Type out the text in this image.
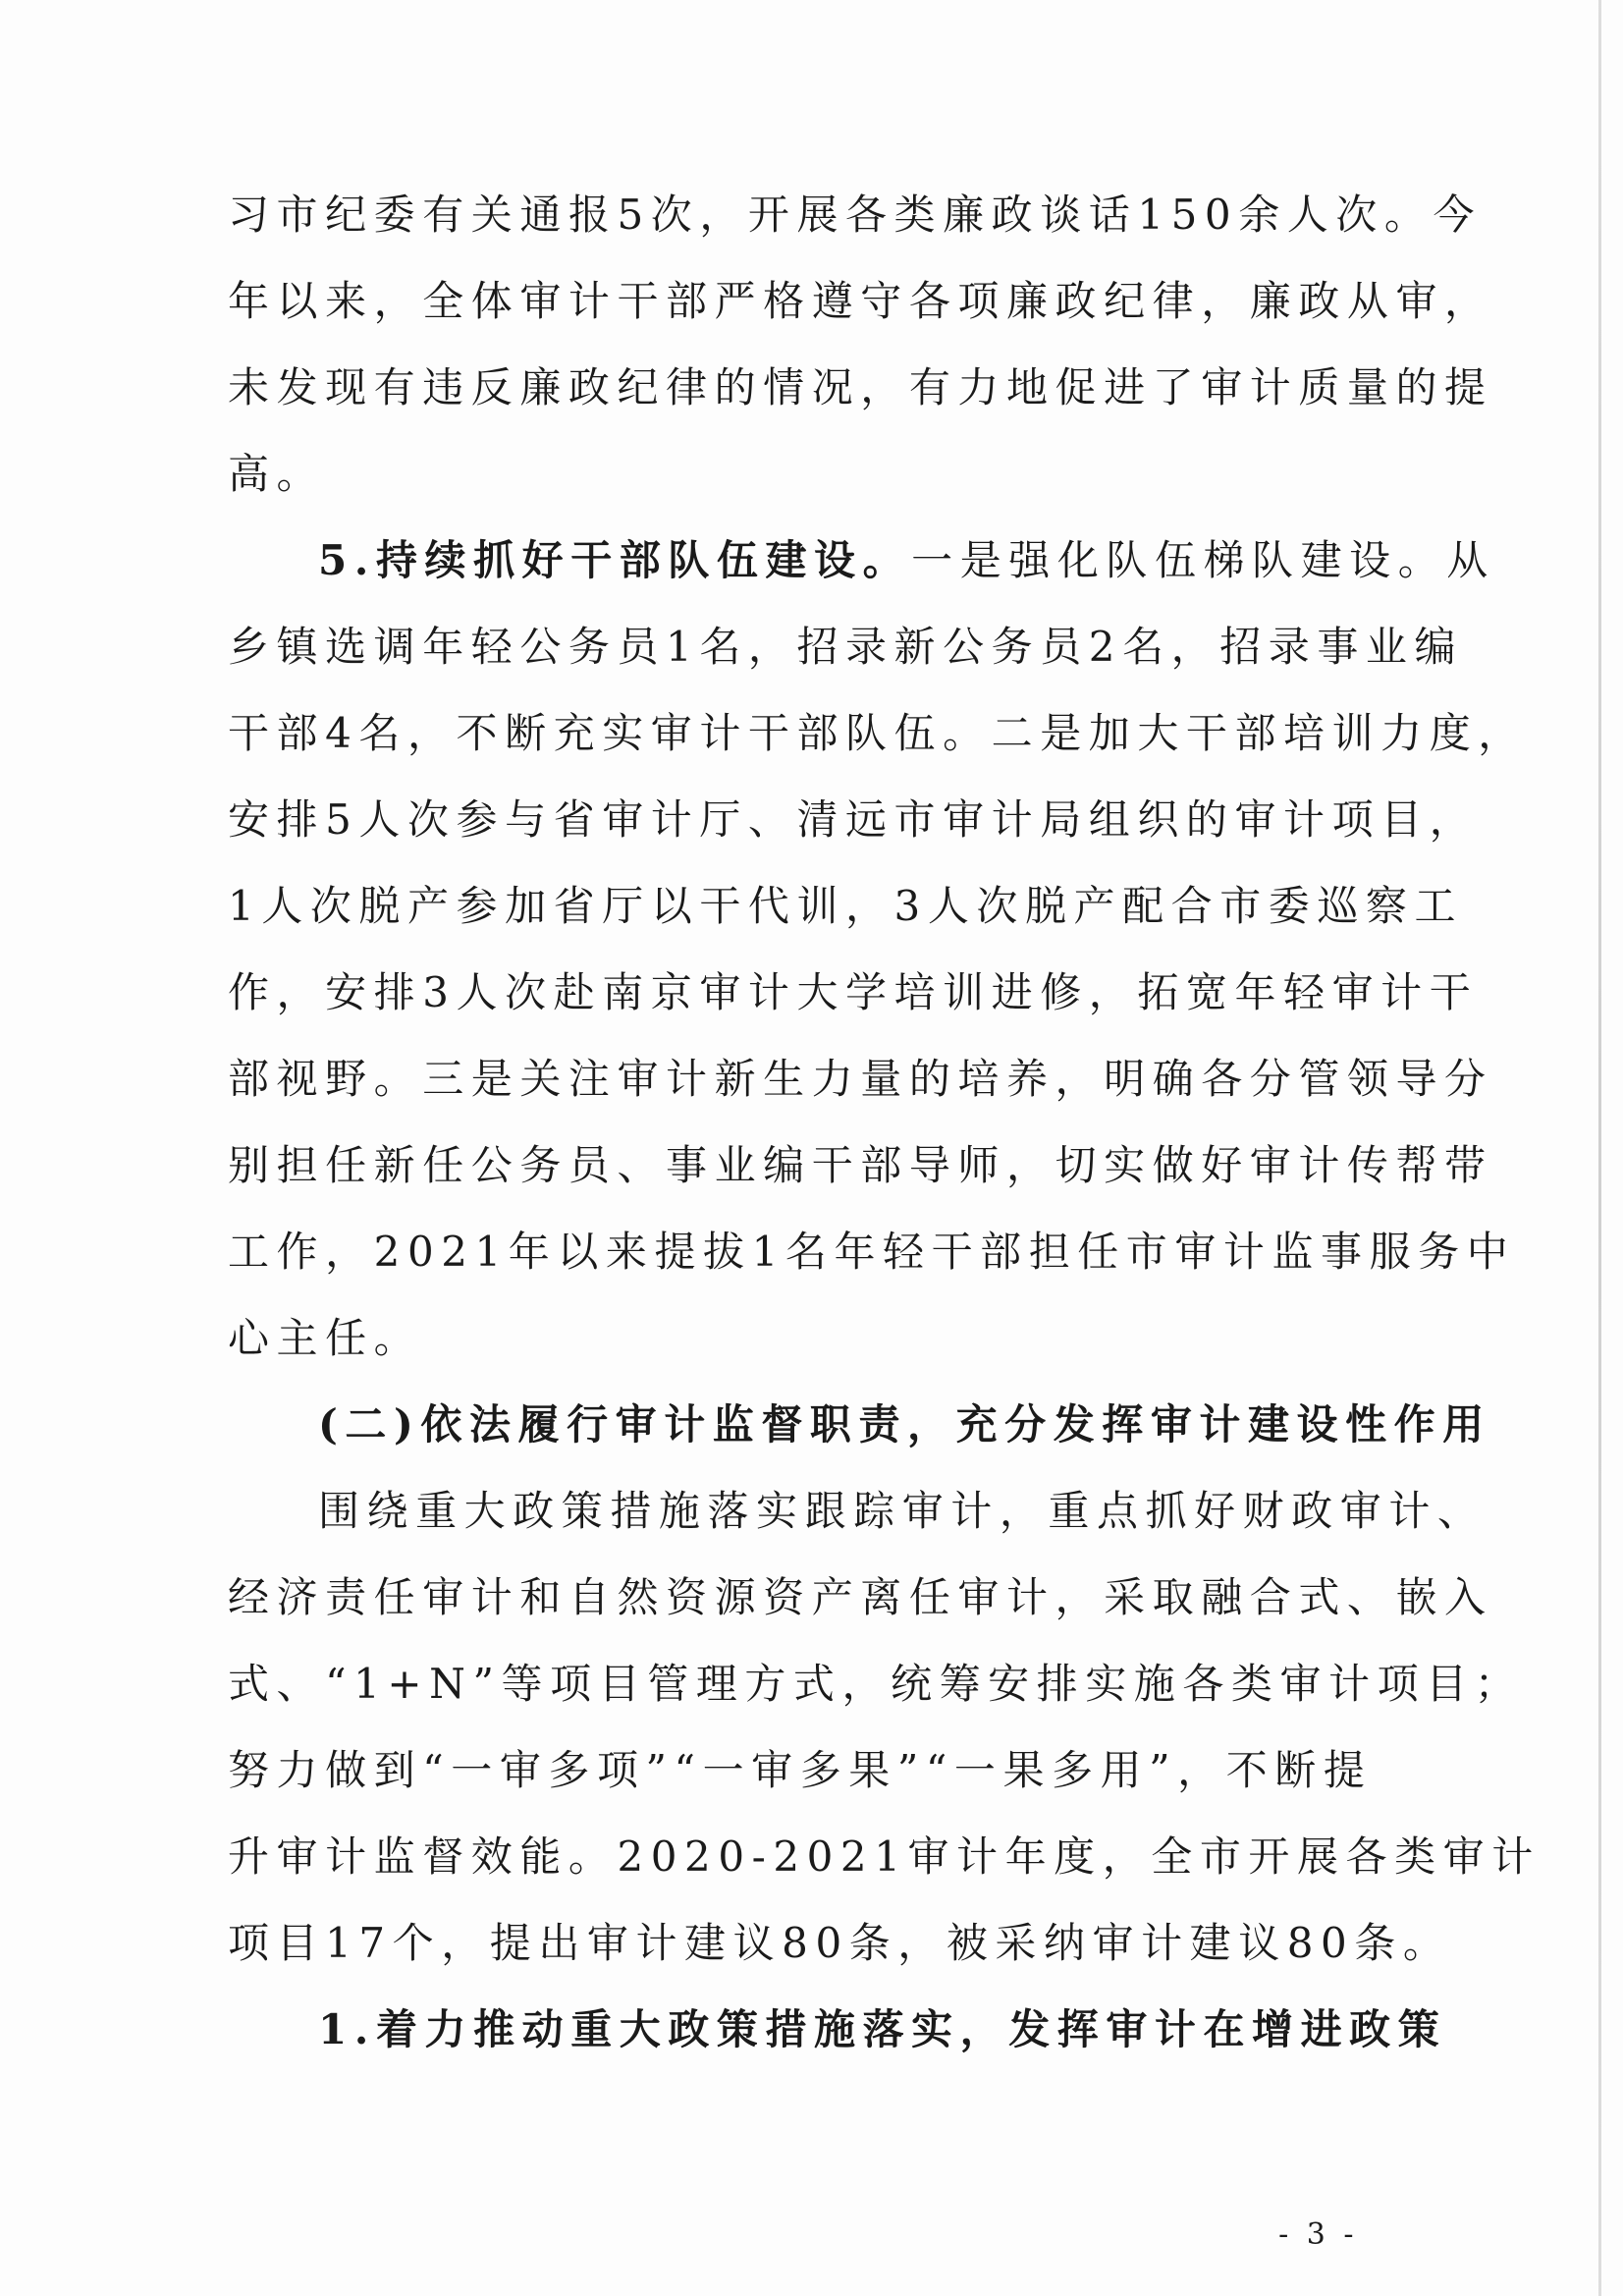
习市纪委有关通报5次，开展各类廉政谈话150余人次。今
年以来，全体审计干部严格遵守各项廉政纪律，廉政从审，
未发现有违反廉政纪律的情况，有力地促进了审计质量的提
高。
5.持续抓好干部队伍建设。一是强化队伍梯队建设。从
乡镇选调年轻公务员1名，招录新公务员2名，招录事业编
干部4名，不断充实审计干部队伍。二是加大干部培训力度，
安排5人次参与省审计厅、清远市审计局组织的审计项目，
1人次脱产参加省厅以干代训，3人次脱产配合市委巡察工
作，安排3人次赴南京审计大学培训进修，拓宽年轻审计干
部视野。三是关注审计新生力量的培养，明确各分管领导分
别担任新任公务员、事业编干部导师，切实做好审计传帮带
工作，2021年以来提拔1名年轻干部担任市审计监事服务中
心主任。
(二)依法履行审计监督职责，充分发挥审计建设性作用
围绕重大政策措施落实跟踪审计，重点抓好财政审计、
经济责任审计和自然资源资产离任审计，采取融合式、嵌入
式、“1+N”等项目管理方式，统筹安排实施各类审计项目；
努力做到“一审多项”“一审多果”“一果多用”，不断提
升审计监督效能。2020-2021审计年度，全市开展各类审计
项目17个，提出审计建议80条，被采纳审计建议80条。
1.着力推动重大政策措施落实，发挥审计在增进政策
- 3 -
